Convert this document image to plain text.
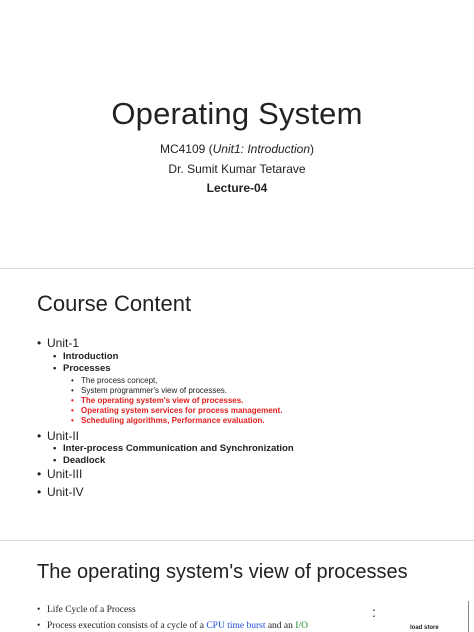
Operating System
MC4109 (Unit1: Introduction)
Dr. Sumit Kumar Tetarave
Lecture-04
Course Content
• Unit-1
• Introduction
• Processes
• The process concept,
• System programmer's view of processes.
• The operating system's view of processes.
• Operating system services for process management.
• Scheduling algorithms, Performance evaluation.
• Unit-II
• Inter-process Communication and Synchronization
• Deadlock
• Unit-III
• Unit-IV
The operating system's view of processes
• Life Cycle of a Process
• Process execution consists of a cycle of a CPU time burst and an I/O
:
load store
